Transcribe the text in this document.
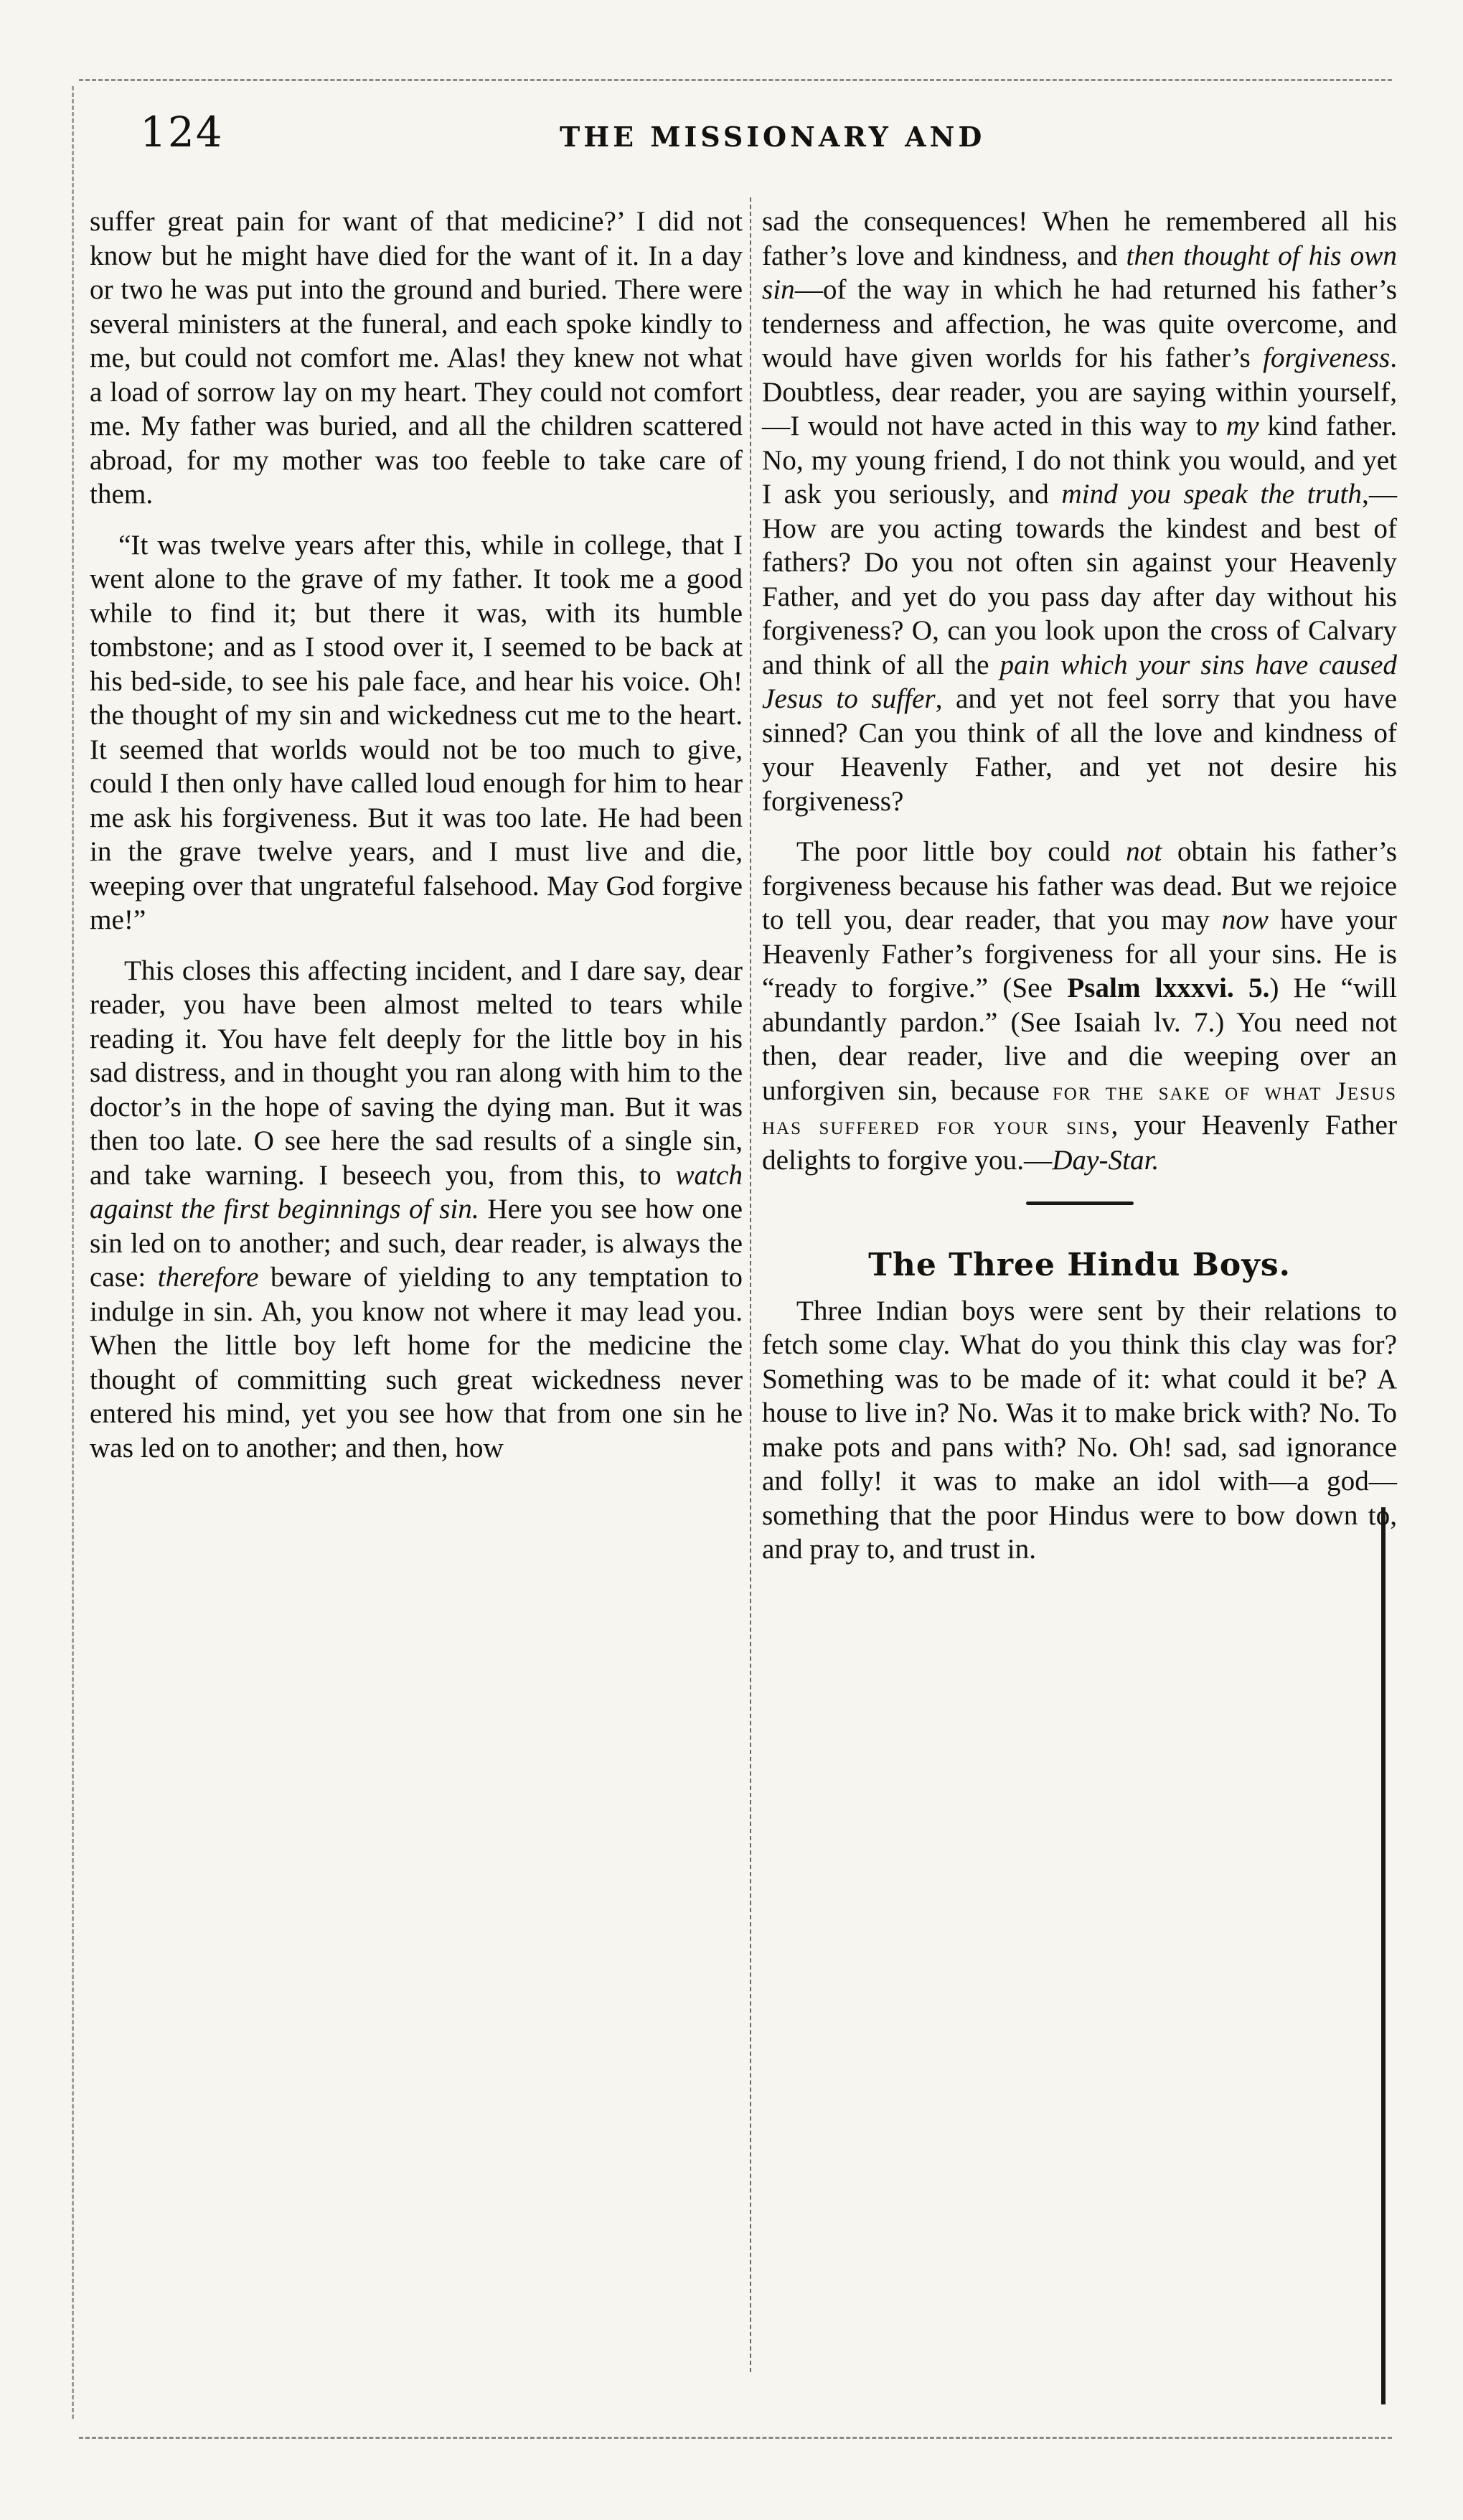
124	THE MISSIONARY AND

suffer great pain for want of that medicine?’ I did not know but he might have died for the want of it. In a day or two he was put into the ground and buried. There were several ministers at the funeral, and each spoke kindly to me, but could not comfort me. Alas! they knew not what a load of sorrow lay on my heart. They could not comfort me. My father was buried, and all the children scattered abroad, for my mother was too feeble to take care of them.

“It was twelve years after this, while in college, that I went alone to the grave of my father. It took me a good while to find it; but there it was, with its humble tombstone; and as I stood over it, I seemed to be back at his bed-side, to see his pale face, and hear his voice. Oh! the thought of my sin and wickedness cut me to the heart. It seemed that worlds would not be too much to give, could I then only have called loud enough for him to hear me ask his forgiveness. But it was too late. He had been in the grave twelve years, and I must live and die, weeping over that ungrateful falsehood. May God forgive me!”

This closes this affecting incident, and I dare say, dear reader, you have been almost melted to tears while reading it. You have felt deeply for the little boy in his sad distress, and in thought you ran along with him to the doctor’s in the hope of saving the dying man. But it was then too late. O see here the sad results of a single sin, and take warning. I beseech you, from this, to watch against the first beginnings of sin. Here you see how one sin led on to another; and such, dear reader, is always the case: therefore beware of yielding to any temptation to indulge in sin. Ah, you know not where it may lead you. When the little boy left home for the medicine the thought of committing such great wickedness never entered his mind, yet you see how that from one sin he was led on to another; and then, how

sad the consequences! When he remembered all his father’s love and kindness, and then thought of his own sin—of the way in which he had returned his father’s tenderness and affection, he was quite overcome, and would have given worlds for his father’s forgiveness. Doubtless, dear reader, you are saying within yourself, —I would not have acted in this way to my kind father. No, my young friend, I do not think you would, and yet I ask you seriously, and mind you speak the truth,—How are you acting towards the kindest and best of fathers? Do you not often sin against your Heavenly Father, and yet do you pass day after day without his forgiveness? O, can you look upon the cross of Calvary and think of all the pain which your sins have caused Jesus to suffer, and yet not feel sorry that you have sinned? Can you think of all the love and kindness of your Heavenly Father, and yet not desire his forgiveness?

The poor little boy could not obtain his father’s forgiveness because his father was dead. But we rejoice to tell you, dear reader, that you may now have your Heavenly Father’s forgiveness for all your sins. He is “ready to forgive.” (See Psalm lxxxvi. 5.) He “will abundantly pardon.” (See Isaiah lv. 7.) You need not then, dear reader, live and die weeping over an unforgiven sin, because for the sake of what Jesus has suffered for your sins, your Heavenly Father delights to forgive you.—Day-Star.

The Three Hindu Boys.

Three Indian boys were sent by their relations to fetch some clay. What do you think this clay was for? Something was to be made of it: what could it be? A house to live in? No. Was it to make brick with? No. To make pots and pans with? No. Oh! sad, sad ignorance and folly! it was to make an idol with—a god—something that the poor Hindus were to bow down to, and pray to, and trust in.
